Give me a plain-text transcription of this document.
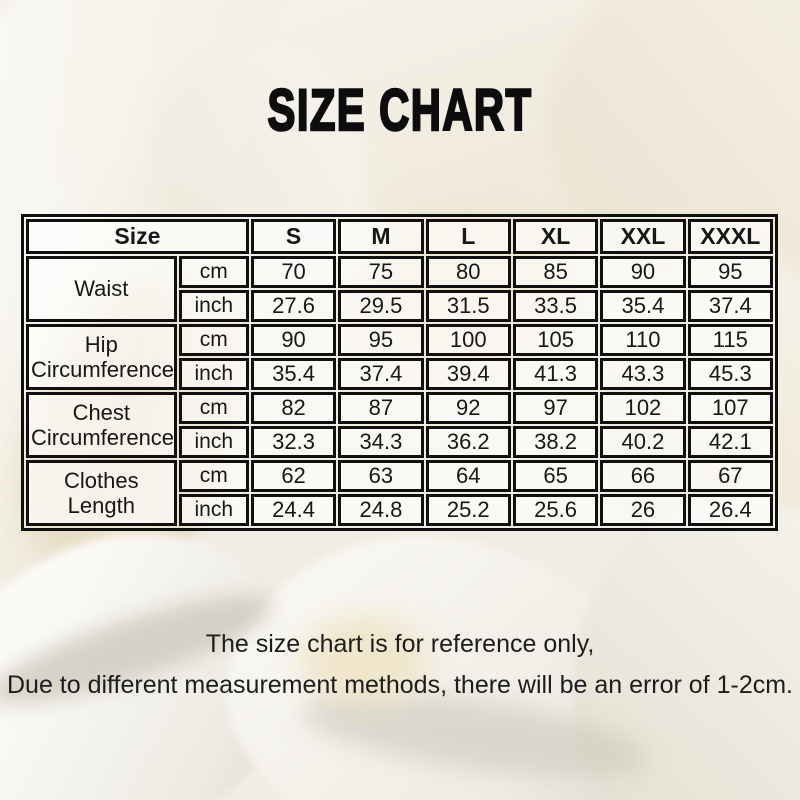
SIZE CHART
Size		S	M	L	XL	XXL	XXXL
Waist	cm	70	75	80	85	90	95
	inch	27.6	29.5	31.5	33.5	35.4	37.4
Hip Circumference	cm	90	95	100	105	110	115
	inch	35.4	37.4	39.4	41.3	43.3	45.3
Chest Circumference	cm	82	87	92	97	102	107
	inch	32.3	34.3	36.2	38.2	40.2	42.1
Clothes Length	cm	62	63	64	65	66	67
	inch	24.4	24.8	25.2	25.6	26	26.4

The size chart is for reference only,

Due to different measurement methods, there will be an error of 1-2cm.
